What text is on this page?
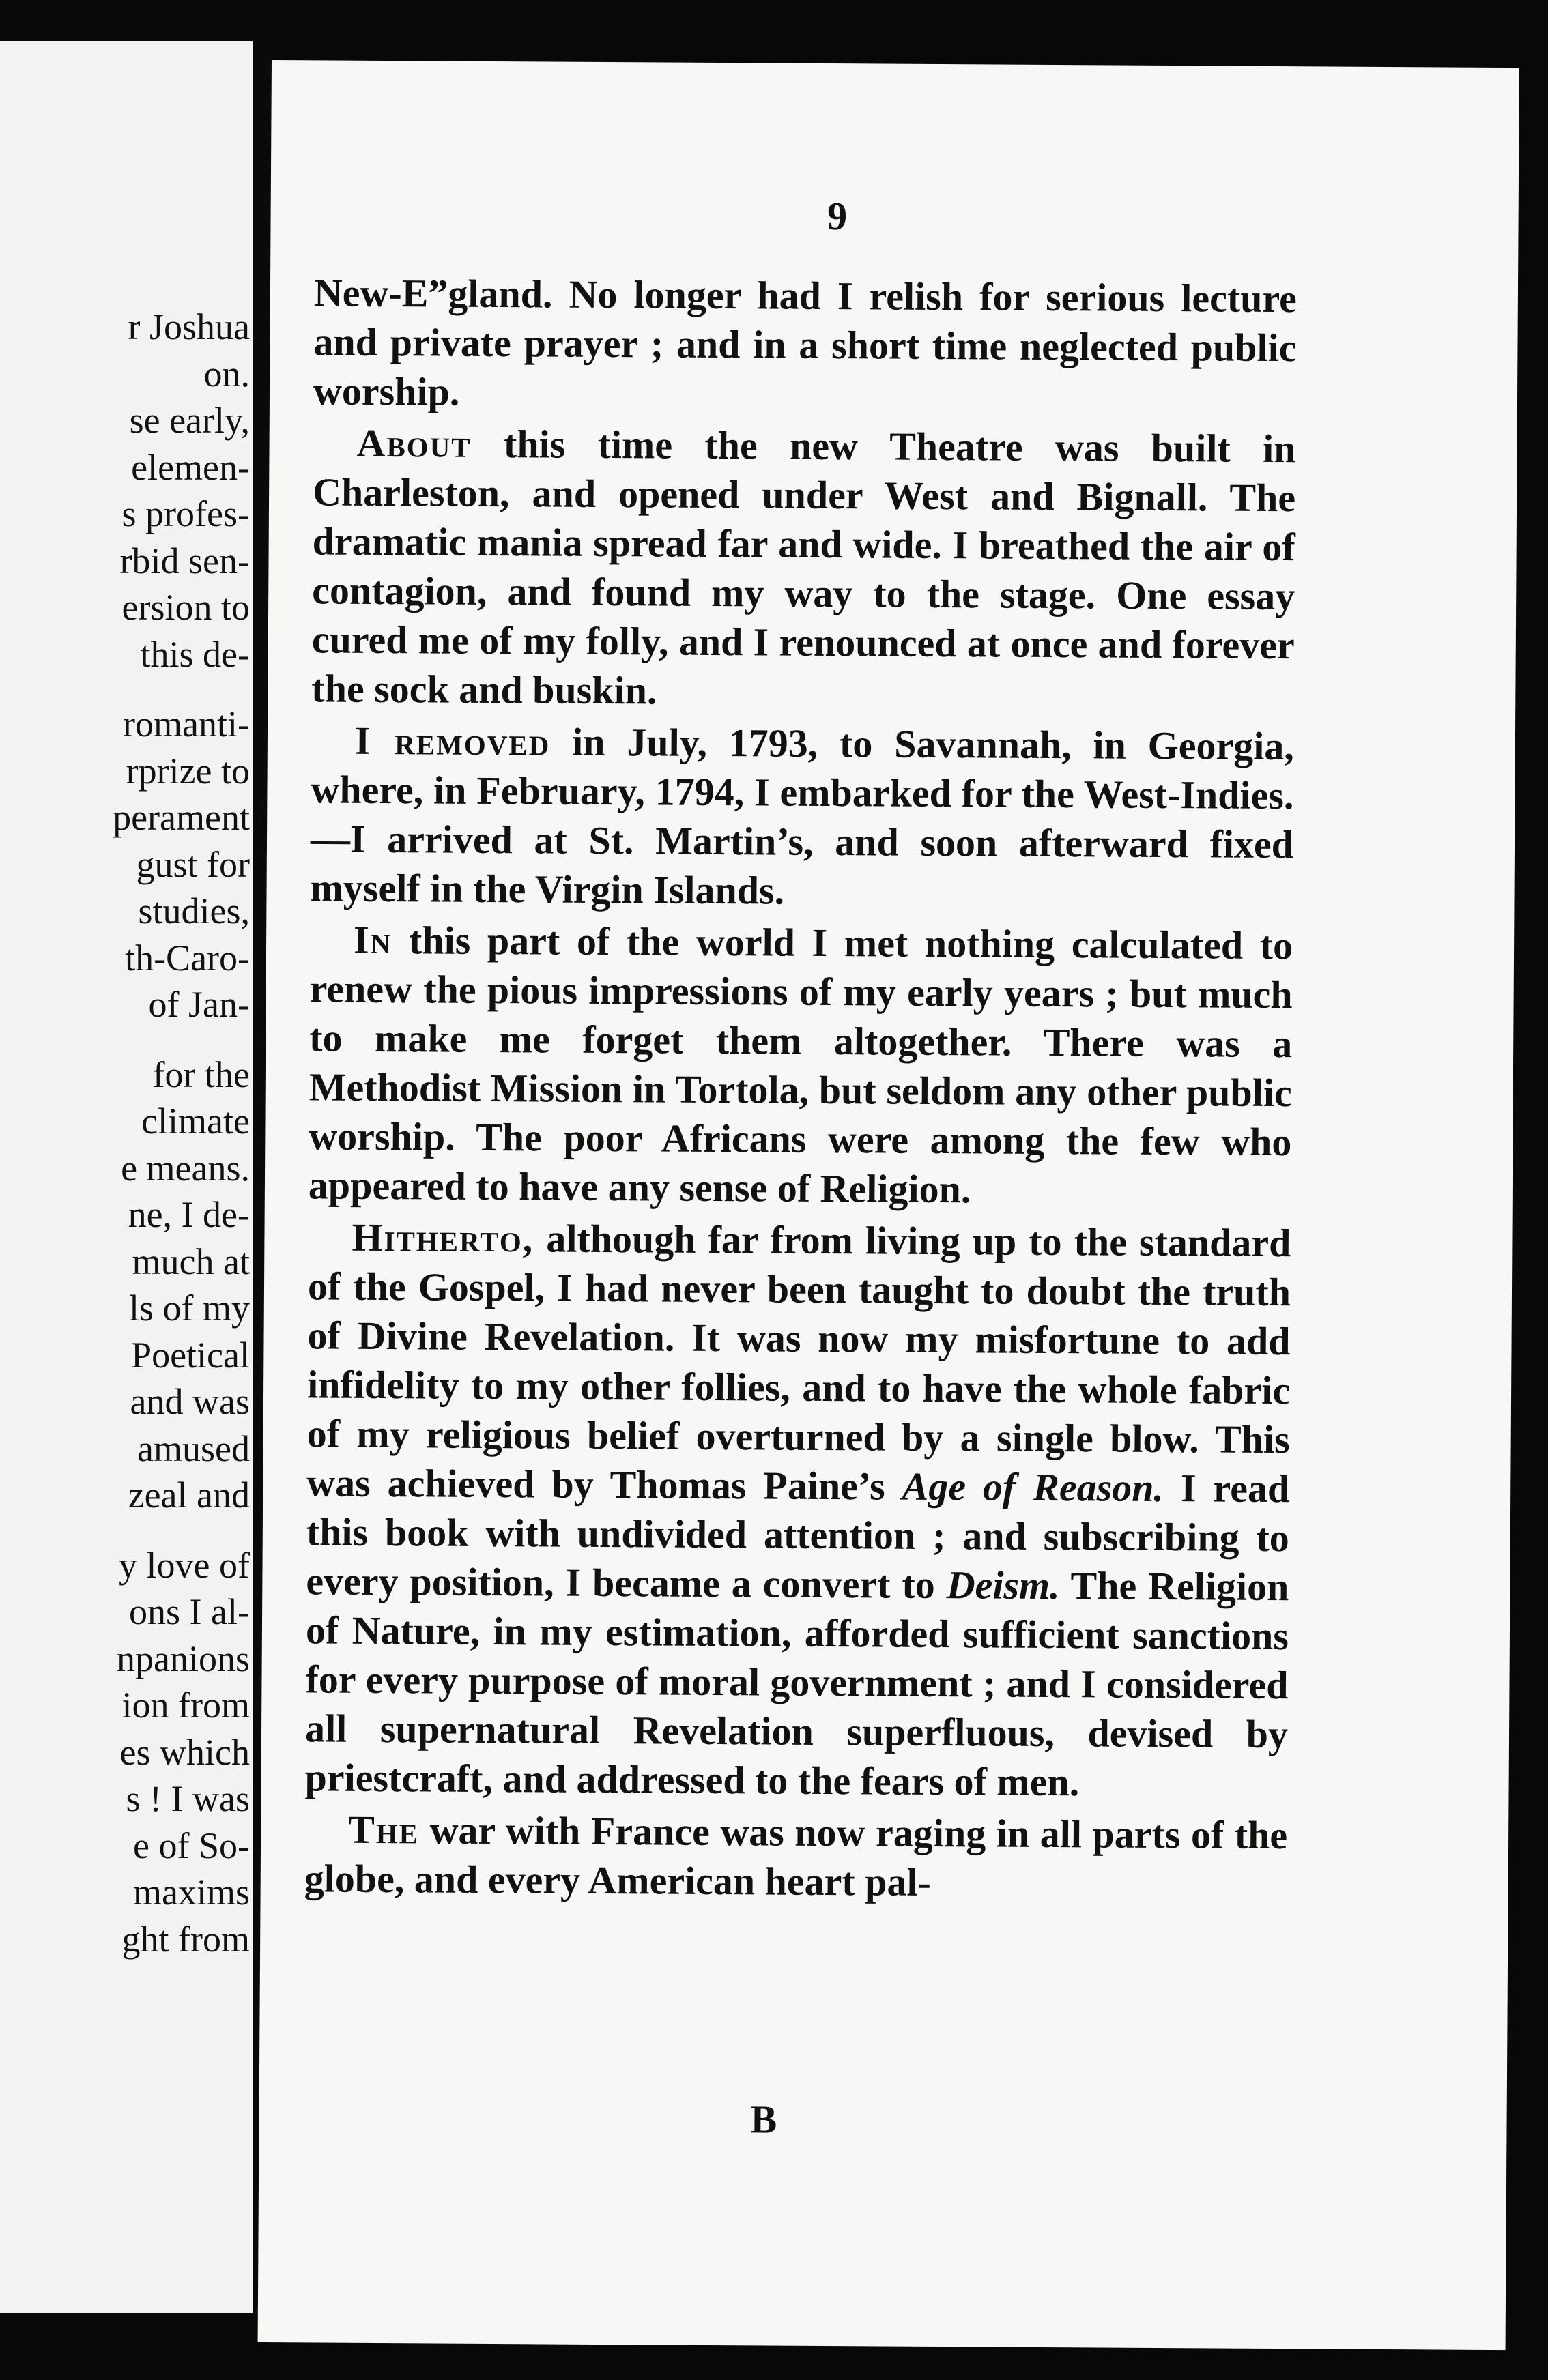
r Joshua
on.
se early,
elemen-
s profes-
rbid sen-
ersion to
this de-
romanti-
rprize to
perament
gust for
studies,
th-Caro-
of Jan-
for the
climate
e means.
ne, I de-
much at
ls of my
Poetical
and was
amused
zeal and
y love of
ons I al-
npanions
ion from
es which
s ! I was
e of So-
maxims
ght from
9

New-E”gland. No longer had I relish for serious lecture and private prayer ; and in a short time neglected public worship.

About this time the new Theatre was built in Charleston, and opened under West and Bignall. The dramatic mania spread far and wide. I breathed the air of contagion, and found my way to the stage. One essay cured me of my folly, and I renounced at once and forever the sock and buskin.

I removed in July, 1793, to Savannah, in Georgia, where, in February, 1794, I embarked for the West-Indies.—I arrived at St. Martin’s, and soon afterward fixed myself in the Virgin Islands.

In this part of the world I met nothing calculated to renew the pious impressions of my early years ; but much to make me forget them altogether. There was a Methodist Mission in Tortola, but seldom any other public worship. The poor Africans were among the few who appeared to have any sense of Religion.

Hitherto, although far from living up to the standard of the Gospel, I had never been taught to doubt the truth of Divine Revelation. It was now my misfortune to add infidelity to my other follies, and to have the whole fabric of my religious belief overturned by a single blow. This was achieved by Thomas Paine’s Age of Reason. I read this book with undivided attention ; and subscribing to every position, I became a convert to Deism. The Religion of Nature, in my estimation, afforded sufficient sanctions for every purpose of moral government ; and I considered all supernatural Revelation superfluous, devised by priestcraft, and addressed to the fears of men.

The war with France was now raging in all parts of the globe, and every American heart pal-

B
